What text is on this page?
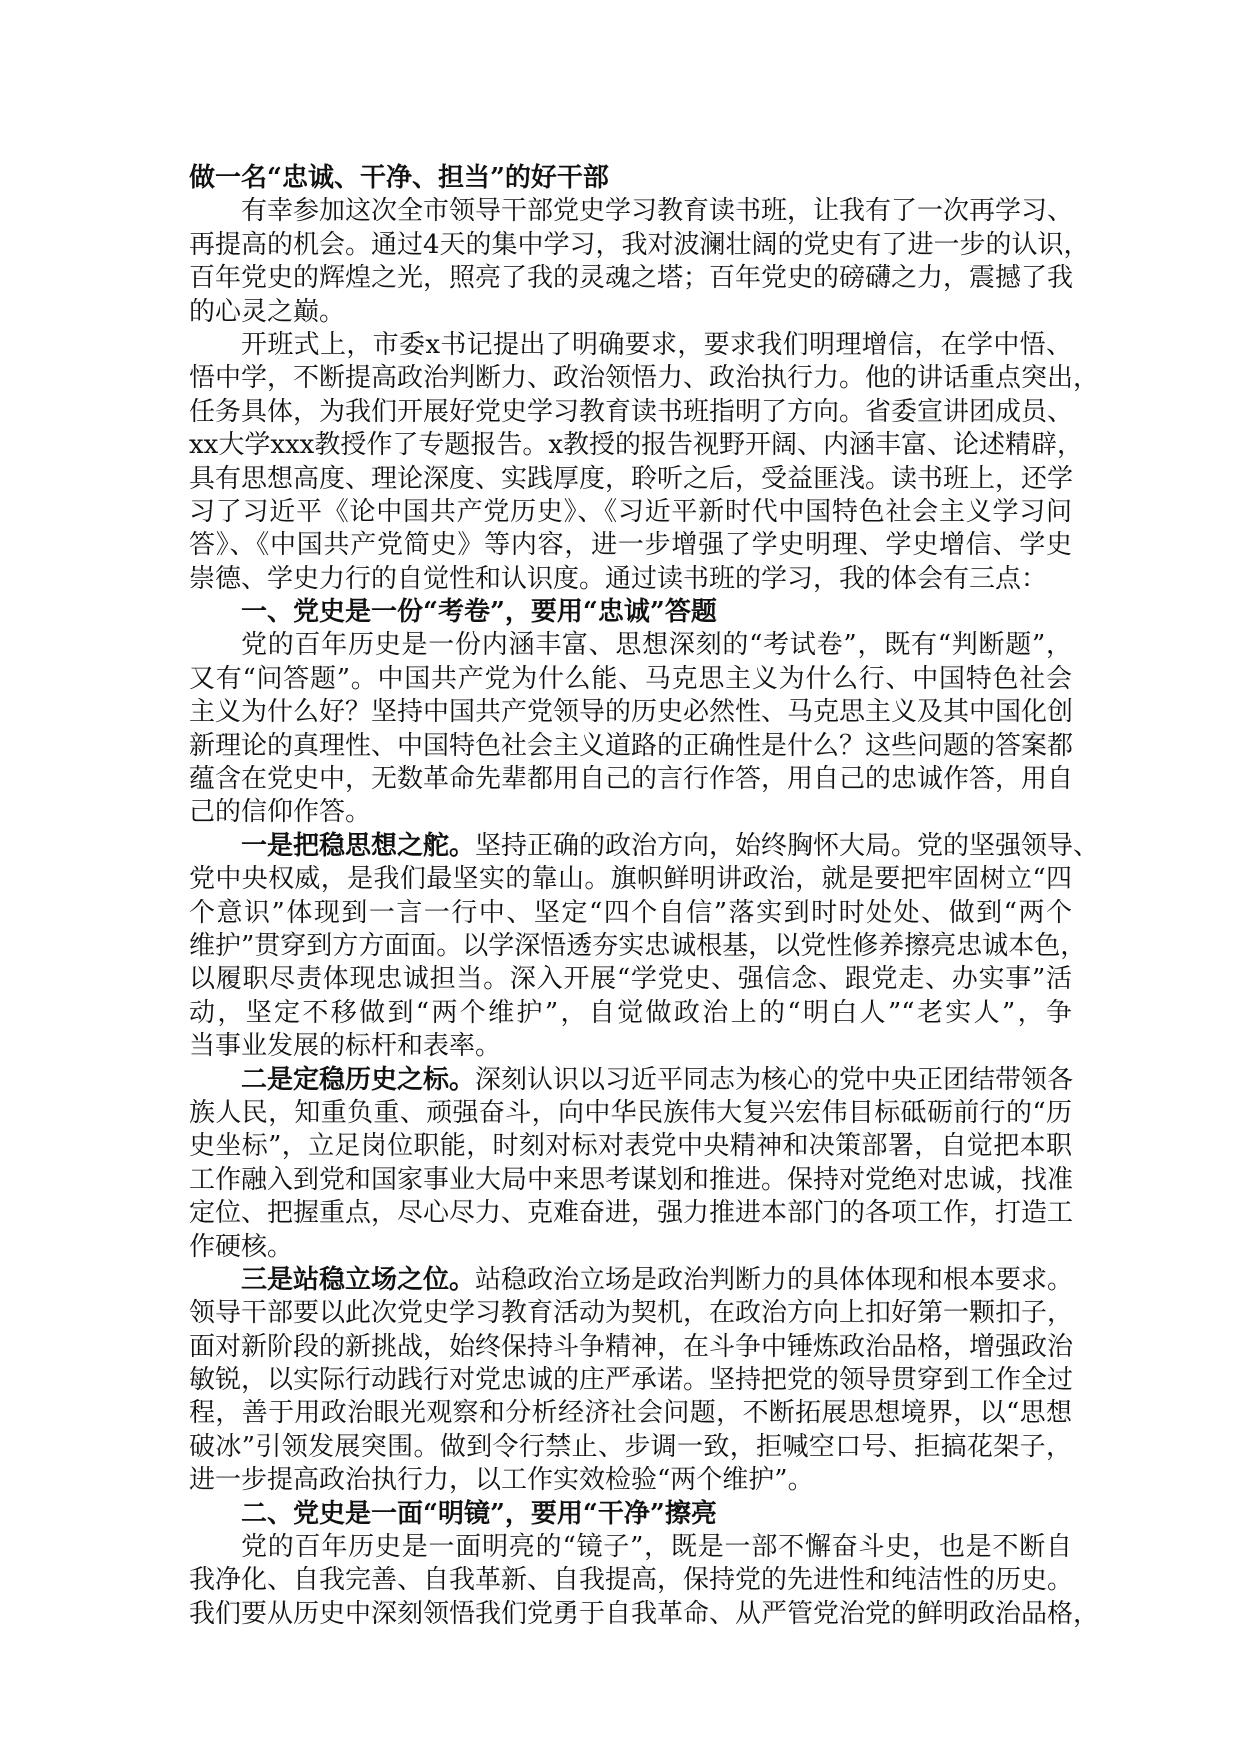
做一名“忠诚、干净、担当”的好干部
有幸参加这次全市领导干部党史学习教育读书班，让我有了一次再学习、
再提高的机会。通过4天的集中学习，我对波澜壮阔的党史有了进一步的认识，
百年党史的辉煌之光，照亮了我的灵魂之塔；百年党史的磅礴之力，震撼了我
的心灵之巅。
开班式上，市委x书记提出了明确要求，要求我们明理增信，在学中悟、
悟中学，不断提高政治判断力、政治领悟力、政治执行力。他的讲话重点突出，
任务具体，为我们开展好党史学习教育读书班指明了方向。省委宣讲团成员、
xx大学xxx教授作了专题报告。x教授的报告视野开阔、内涵丰富、论述精辟，
具有思想高度、理论深度、实践厚度，聆听之后，受益匪浅。读书班上，还学
习了习近平《论中国共产党历史》、《习近平新时代中国特色社会主义学习问
答》、《中国共产党简史》等内容，进一步增强了学史明理、学史增信、学史
崇德、学史力行的自觉性和认识度。通过读书班的学习，我的体会有三点：
一、党史是一份“考卷”，要用“忠诚”答题
党的百年历史是一份内涵丰富、思想深刻的“考试卷”，既有“判断题”，
又有“问答题”。中国共产党为什么能、马克思主义为什么行、中国特色社会
主义为什么好？坚持中国共产党领导的历史必然性、马克思主义及其中国化创
新理论的真理性、中国特色社会主义道路的正确性是什么？这些问题的答案都
蕴含在党史中，无数革命先辈都用自己的言行作答，用自己的忠诚作答，用自
己的信仰作答。
一是把稳思想之舵。坚持正确的政治方向，始终胸怀大局。党的坚强领导、
党中央权威，是我们最坚实的靠山。旗帜鲜明讲政治，就是要把牢固树立“四
个意识”体现到一言一行中、坚定“四个自信”落实到时时处处、做到“两个
维护”贯穿到方方面面。以学深悟透夯实忠诚根基，以党性修养擦亮忠诚本色，
以履职尽责体现忠诚担当。深入开展“学党史、强信念、跟党走、办实事”活
动，坚定不移做到“两个维护”，自觉做政治上的“明白人”“老实人”，争
当事业发展的标杆和表率。
二是定稳历史之标。深刻认识以习近平同志为核心的党中央正团结带领各
族人民，知重负重、顽强奋斗，向中华民族伟大复兴宏伟目标砥砺前行的“历
史坐标”，立足岗位职能，时刻对标对表党中央精神和决策部署，自觉把本职
工作融入到党和国家事业大局中来思考谋划和推进。保持对党绝对忠诚，找准
定位、把握重点，尽心尽力、克难奋进，强力推进本部门的各项工作，打造工
作硬核。
三是站稳立场之位。站稳政治立场是政治判断力的具体体现和根本要求。
领导干部要以此次党史学习教育活动为契机，在政治方向上扣好第一颗扣子，
面对新阶段的新挑战，始终保持斗争精神，在斗争中锤炼政治品格，增强政治
敏锐，以实际行动践行对党忠诚的庄严承诺。坚持把党的领导贯穿到工作全过
程，善于用政治眼光观察和分析经济社会问题，不断拓展思想境界，以“思想
破冰”引领发展突围。做到令行禁止、步调一致，拒喊空口号、拒搞花架子，
进一步提高政治执行力，以工作实效检验“两个维护”。
二、党史是一面“明镜”，要用“干净”擦亮
党的百年历史是一面明亮的“镜子”，既是一部不懈奋斗史，也是不断自
我净化、自我完善、自我革新、自我提高，保持党的先进性和纯洁性的历史。
我们要从历史中深刻领悟我们党勇于自我革命、从严管党治党的鲜明政治品格，
